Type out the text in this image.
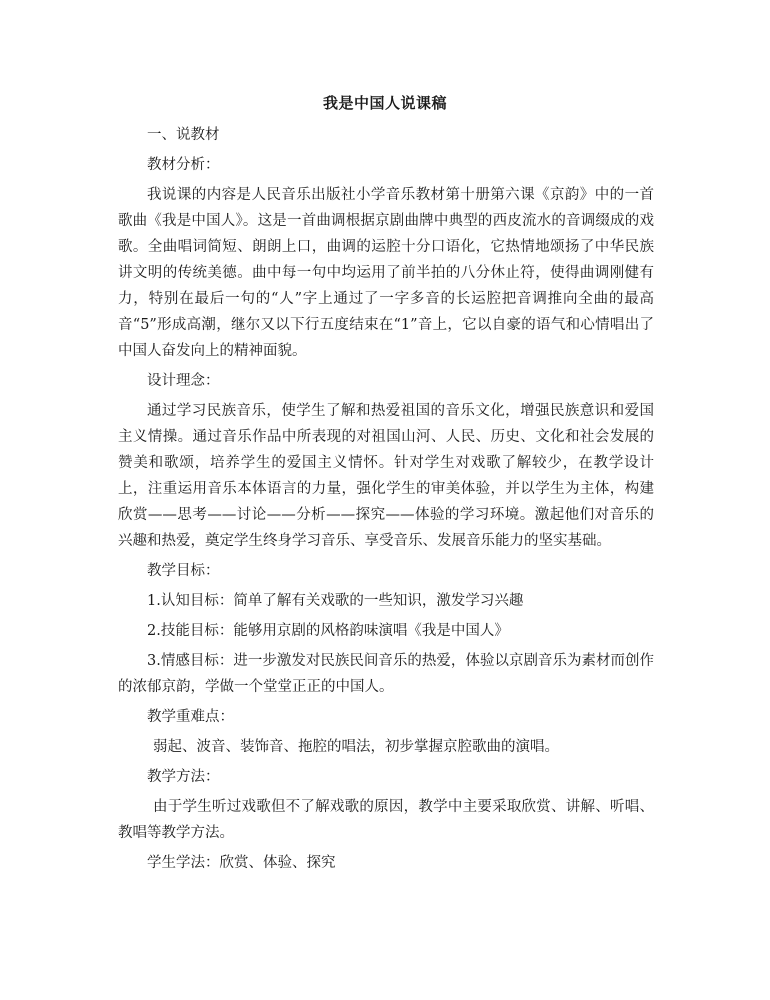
我是中国人说课稿

一、说教材

教材分析：

我说课的内容是人民音乐出版社小学音乐教材第十册第六课《京韵》中的一首歌曲《我是中国人》。这是一首曲调根据京剧曲牌中典型的西皮流水的音调缀成的戏歌。全曲唱词简短、朗朗上口，曲调的运腔十分口语化，它热情地颂扬了中华民族讲文明的传统美德。曲中每一句中均运用了前半拍的八分休止符，使得曲调刚健有力，特别在最后一句的“人”字上通过了一字多音的长运腔把音调推向全曲的最高音“5”形成高潮，继尔又以下行五度结束在“1”音上，它以自豪的语气和心情唱出了中国人奋发向上的精神面貌。

设计理念：

通过学习民族音乐，使学生了解和热爱祖国的音乐文化，增强民族意识和爱国主义情操。通过音乐作品中所表现的对祖国山河、人民、历史、文化和社会发展的赞美和歌颂，培养学生的爱国主义情怀。针对学生对戏歌了解较少，在教学设计上，注重运用音乐本体语言的力量，强化学生的审美体验，并以学生为主体，构建欣赏——思考——讨论——分析——探究——体验的学习环境。激起他们对音乐的兴趣和热爱，奠定学生终身学习音乐、享受音乐、发展音乐能力的坚实基础。

教学目标：

1.认知目标：简单了解有关戏歌的一些知识，激发学习兴趣

2.技能目标：能够用京剧的风格韵味演唱《我是中国人》

3.情感目标：进一步激发对民族民间音乐的热爱，体验以京剧音乐为素材而创作的浓郁京韵，学做一个堂堂正正的中国人。

教学重难点：

弱起、波音、装饰音、拖腔的唱法，初步掌握京腔歌曲的演唱。

教学方法：

由于学生听过戏歌但不了解戏歌的原因，教学中主要采取欣赏、讲解、听唱、教唱等教学方法。

学生学法：欣赏、体验、探究
